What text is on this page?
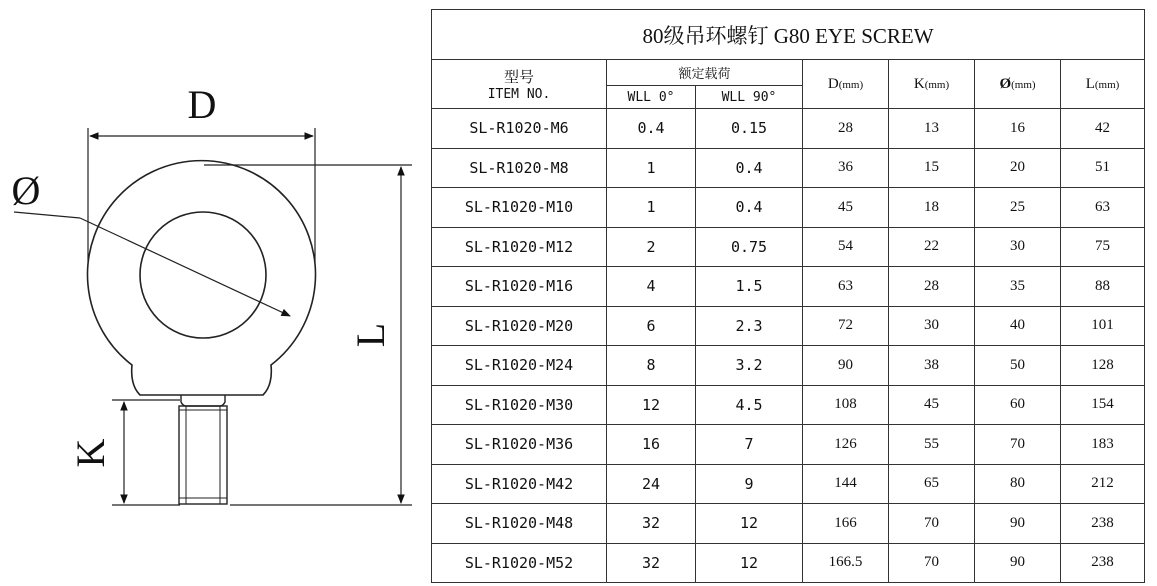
D
Ø
L
K
80级吊环螺钉 G80 EYE SCREW						

型号
ITEM NO.	额定载荷		D(mm)	K(mm)	Ø(mm)	L(mm)
	WLL 0°	WLL 90°				
SL-R1020-M6	0.4	0.15	28	13	16	42
SL-R1020-M8	1	0.4	36	15	20	51
SL-R1020-M10	1	0.4	45	18	25	63
SL-R1020-M12	2	0.75	54	22	30	75
SL-R1020-M16	4	1.5	63	28	35	88
SL-R1020-M20	6	2.3	72	30	40	101
SL-R1020-M24	8	3.2	90	38	50	128
SL-R1020-M30	12	4.5	108	45	60	154
SL-R1020-M36	16	7	126	55	70	183
SL-R1020-M42	24	9	144	65	80	212
SL-R1020-M48	32	12	166	70	90	238
SL-R1020-M52	32	12	166.5	70	90	238
